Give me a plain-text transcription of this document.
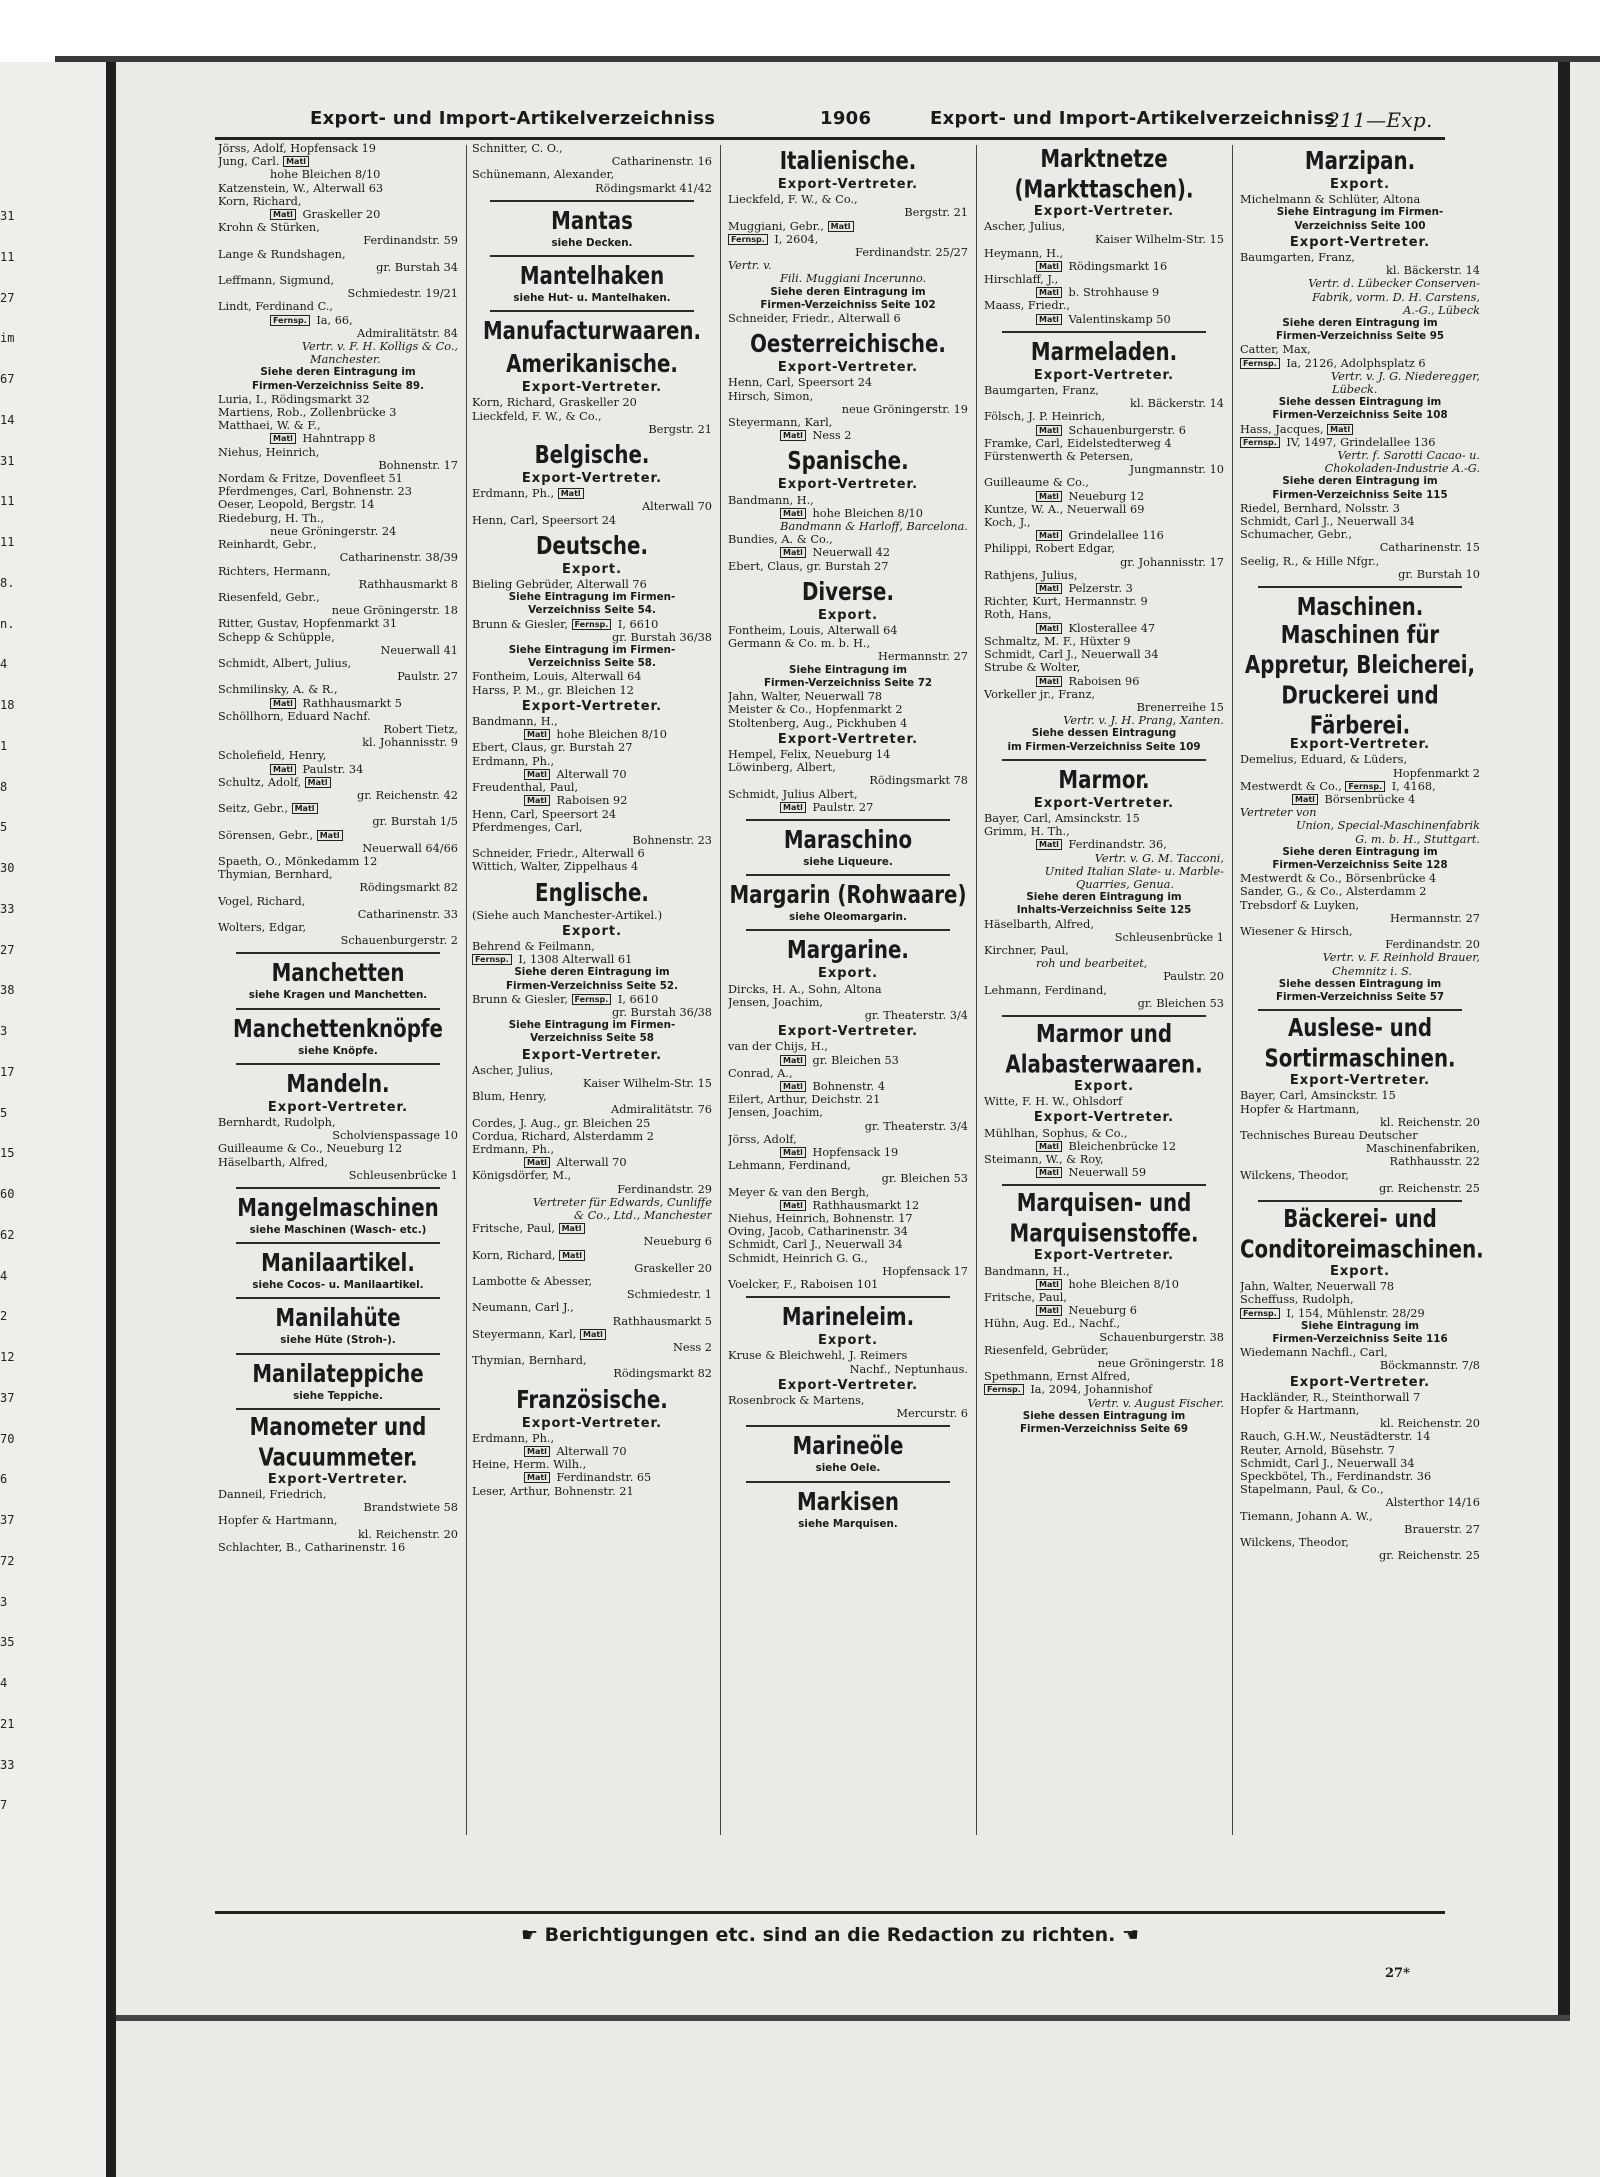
31
11
27
im
67
14
31
11
11
8.
n.
4
18
1
8
5
30
33
27
38
3
17
5
15
60
62
4
2
12
37
70
6
37
72
3
35
4
21
33
7
Export- und Import-Artikelverzeichniss	1906	Export- und Import-Artikelverzeichniss
211—Exp.
Jörss, Adolf, Hopfensack 19
Jung, Carl. Matl
hohe Bleichen 8/10
Katzenstein, W., Alterwall 63
Korn, Richard,
Matl Graskeller 20
Krohn & Stürken,
Ferdinandstr. 59
Lange & Rundshagen,
gr. Burstah 34
Leffmann, Sigmund,
Schmiedestr. 19/21
Lindt, Ferdinand C.,
Fernsp. Ia, 66,
Admiralitätstr. 84
Vertr. v. F. H. Kolligs & Co.,
Manchester.
Siehe deren Eintragung im
Firmen-Verzeichniss Seite 89.
Luria, I., Rödingsmarkt 32
Martiens, Rob., Zollenbrücke 3
Matthaei, W. & F.,
Matl Hahntrapp 8
Niehus, Heinrich,
Bohnenstr. 17
Nordam & Fritze, Dovenfleet 51
Pferdmenges, Carl, Bohnenstr. 23
Oeser, Leopold, Bergstr. 14
Riedeburg, H. Th.,
neue Gröningerstr. 24
Reinhardt, Gebr.,
Catharinenstr. 38/39
Richters, Hermann,
Rathhausmarkt 8
Riesenfeld, Gebr.,
neue Gröningerstr. 18
Ritter, Gustav, Hopfenmarkt 31
Schepp & Schüpple,
Neuerwall 41
Schmidt, Albert, Julius,
Paulstr. 27
Schmilinsky, A. & R.,
Matl Rathhausmarkt 5
Schöllhorn, Eduard Nachf.
Robert Tietz,
kl. Johannisstr. 9
Scholefield, Henry,
Matl Paulstr. 34
Schultz, Adolf, Matl
gr. Reichenstr. 42
Seitz, Gebr., Matl
gr. Burstah 1/5
Sörensen, Gebr., Matl
Neuerwall 64/66
Spaeth, O., Mönkedamm 12
Thymian, Bernhard,
Rödingsmarkt 82
Vogel, Richard,
Catharinenstr. 33
Wolters, Edgar,
Schauenburgerstr. 2
Manchetten
siehe Kragen und Manchetten.
Manchettenknöpfe
siehe Knöpfe.
Mandeln.
Export-Vertreter.
Bernhardt, Rudolph,
Scholvienspassage 10
Guilleaume & Co., Neueburg 12
Häselbarth, Alfred,
Schleusenbrücke 1
Mangelmaschinen
siehe Maschinen (Wasch- etc.)
Manilaartikel.
siehe Cocos- u. Manilaartikel.
Manilahüte
siehe Hüte (Stroh-).
Manilateppiche
siehe Teppiche.
Manometer und Vacuummeter.
Export-Vertreter.
Danneil, Friedrich,
Brandstwiete 58
Hopfer & Hartmann,
kl. Reichenstr. 20
Schlachter, B., Catharinenstr. 16
Schnitter, C. O.,
Catharinenstr. 16
Schünemann, Alexander,
Rödingsmarkt 41/42
Mantas
siehe Decken.
Mantelhaken
siehe Hut- u. Mantelhaken.
Manufacturwaaren.
Amerikanische.
Export-Vertreter.
Korn, Richard, Graskeller 20
Lieckfeld, F. W., & Co.,
Bergstr. 21
Belgische.
Export-Vertreter.
Erdmann, Ph., Matl
Alterwall 70
Henn, Carl, Speersort 24
Deutsche.
Export.
Bieling Gebrüder, Alterwall 76
Siehe Eintragung im Firmen-
Verzeichniss Seite 54.
Brunn & Giesler, Fernsp. I, 6610
gr. Burstah 36/38
Siehe Eintragung im Firmen-
Verzeichniss Seite 58.
Fontheim, Louis, Alterwall 64
Harss, P. M., gr. Bleichen 12
Export-Vertreter.
Bandmann, H.,
Matl hohe Bleichen 8/10
Ebert, Claus, gr. Burstah 27
Erdmann, Ph.,
Matl Alterwall 70
Freudenthal, Paul,
Matl Raboisen 92
Henn, Carl, Speersort 24
Pferdmenges, Carl,
Bohnenstr. 23
Schneider, Friedr., Alterwall 6
Wittich, Walter, Zippelhaus 4
Englische.
(Siehe auch Manchester-Artikel.)
Export.
Behrend & Feilmann,
Fernsp. I, 1308 Alterwall 61
Siehe deren Eintragung im
Firmen-Verzeichniss Seite 52.
Brunn & Giesler, Fernsp. I, 6610
gr. Burstah 36/38
Siehe Eintragung im Firmen-
Verzeichniss Seite 58
Export-Vertreter.
Ascher, Julius,
Kaiser Wilhelm-Str. 15
Blum, Henry,
Admiralitätstr. 76
Cordes, J. Aug., gr. Bleichen 25
Cordua, Richard, Alsterdamm 2
Erdmann, Ph.,
Matl Alterwall 70
Königsdörfer, M.,
Ferdinandstr. 29
Vertreter für Edwards, Cunliffe
& Co., Ltd., Manchester
Fritsche, Paul, Matl
Neueburg 6
Korn, Richard, Matl
Graskeller 20
Lambotte & Abesser,
Schmiedestr. 1
Neumann, Carl J.,
Rathhausmarkt 5
Steyermann, Karl, Matl
Ness 2
Thymian, Bernhard,
Rödingsmarkt 82
Französische.
Export-Vertreter.
Erdmann, Ph.,
Matl Alterwall 70
Heine, Herm. Wilh.,
Matl Ferdinandstr. 65
Leser, Arthur, Bohnenstr. 21
Italienische.
Export-Vertreter.
Lieckfeld, F. W., & Co.,
Bergstr. 21
Muggiani, Gebr., Matl
Fernsp. I, 2604,
Ferdinandstr. 25/27
Vertr. v.
Fili. Muggiani Incerunno.
Siehe deren Eintragung im
Firmen-Verzeichniss Seite 102
Schneider, Friedr., Alterwall 6
Oesterreichische.
Export-Vertreter.
Henn, Carl, Speersort 24
Hirsch, Simon,
neue Gröningerstr. 19
Steyermann, Karl,
Matl Ness 2
Spanische.
Export-Vertreter.
Bandmann, H.,
Matl hohe Bleichen 8/10
Bandmann & Harloff, Barcelona.
Bundies, A. & Co.,
Matl Neuerwall 42
Ebert, Claus, gr. Burstah 27
Diverse.
Export.
Fontheim, Louis, Alterwall 64
Germann & Co. m. b. H.,
Hermannstr. 27
Siehe Eintragung im
Firmen-Verzeichniss Seite 72
Jahn, Walter, Neuerwall 78
Meister & Co., Hopfenmarkt 2
Stoltenberg, Aug., Pickhuben 4
Export-Vertreter.
Hempel, Felix, Neueburg 14
Löwinberg, Albert,
Rödingsmarkt 78
Schmidt, Julius Albert,
Matl Paulstr. 27
Maraschino
siehe Liqueure.
Margarin (Rohwaare)
siehe Oleomargarin.
Margarine.
Export.
Dircks, H. A., Sohn, Altona
Jensen, Joachim,
gr. Theaterstr. 3/4
Export-Vertreter.
van der Chijs, H.,
Matl gr. Bleichen 53
Conrad, A.,
Matl Bohnenstr. 4
Eilert, Arthur, Deichstr. 21
Jensen, Joachim,
gr. Theaterstr. 3/4
Jörss, Adolf,
Matl Hopfensack 19
Lehmann, Ferdinand,
gr. Bleichen 53
Meyer & van den Bergh,
Matl Rathhausmarkt 12
Niehus, Heinrich, Bohnenstr. 17
Oving, Jacob, Catharinenstr. 34
Schmidt, Carl J., Neuerwall 34
Schmidt, Heinrich G. G.,
Hopfensack 17
Voelcker, F., Raboisen 101
Marineleim.
Export.
Kruse & Bleichwehl, J. Reimers
Nachf., Neptunhaus.
Export-Vertreter.
Rosenbrock & Martens,
Mercurstr. 6
Marineöle
siehe Oele.
Markisen
siehe Marquisen.
Marktnetze (Markttaschen).
Export-Vertreter.
Ascher, Julius,
Kaiser Wilhelm-Str. 15
Heymann, H.,
Matl Rödingsmarkt 16
Hirschlaff, J.,
Matl b. Strohhause 9
Maass, Friedr.,
Matl Valentinskamp 50
Marmeladen.
Export-Vertreter.
Baumgarten, Franz,
kl. Bäckerstr. 14
Fölsch, J. P. Heinrich,
Matl Schauenburgerstr. 6
Framke, Carl, Eidelstedterweg 4
Fürstenwerth & Petersen,
Jungmannstr. 10
Guilleaume & Co.,
Matl Neueburg 12
Kuntze, W. A., Neuerwall 69
Koch, J.,
Matl Grindelallee 116
Philippi, Robert Edgar,
gr. Johannisstr. 17
Rathjens, Julius,
Matl Pelzerstr. 3
Richter, Kurt, Hermannstr. 9
Roth, Hans,
Matl Klosterallee 47
Schmaltz, M. F., Hüxter 9
Schmidt, Carl J., Neuerwall 34
Strube & Wolter,
Matl Raboisen 96
Vorkeller jr., Franz,
Brenerreihe 15
Vertr. v. J. H. Prang, Xanten.
Siehe dessen Eintragung
im Firmen-Verzeichniss Seite 109
Marmor.
Export-Vertreter.
Bayer, Carl, Amsinckstr. 15
Grimm, H. Th.,
Matl Ferdinandstr. 36,
Vertr. v. G. M. Tacconi,
United Italian Slate- u. Marble-
Quarries, Genua.
Siehe deren Eintragung im
Inhalts-Verzeichniss Seite 125
Häselbarth, Alfred,
Schleusenbrücke 1
Kirchner, Paul,
roh und bearbeitet,
Paulstr. 20
Lehmann, Ferdinand,
gr. Bleichen 53
Marmor und Alabasterwaaren.
Export.
Witte, F. H. W., Ohlsdorf
Export-Vertreter.
Mühlhan, Sophus, & Co.,
Matl Bleichenbrücke 12
Steimann, W., & Roy,
Matl Neuerwall 59
Marquisen- und Marquisenstoffe.
Export-Vertreter.
Bandmann, H.,
Matl hohe Bleichen 8/10
Fritsche, Paul,
Matl Neueburg 6
Hühn, Aug. Ed., Nachf.,
Schauenburgerstr. 38
Riesenfeld, Gebrüder,
neue Gröningerstr. 18
Spethmann, Ernst Alfred,
Fernsp. Ia, 2094, Johannishof
Vertr. v. August Fischer.
Siehe dessen Eintragung im
Firmen-Verzeichniss Seite 69
Marzipan.
Export.
Michelmann & Schlüter, Altona
Siehe Eintragung im Firmen-
Verzeichniss Seite 100
Export-Vertreter.
Baumgarten, Franz,
kl. Bäckerstr. 14
Vertr. d. Lübecker Conserven-
Fabrik, vorm. D. H. Carstens,
A.-G., Lübeck
Siehe deren Eintragung im
Firmen-Verzeichniss Seite 95
Catter, Max,
Fernsp. Ia, 2126, Adolphsplatz 6
Vertr. v. J. G. Niederegger,
Lübeck.
Siehe dessen Eintragung im
Firmen-Verzeichniss Seite 108
Hass, Jacques, Matl
Fernsp. IV, 1497, Grindelallee 136
Vertr. f. Sarotti Cacao- u.
Chokoladen-Industrie A.-G.
Siehe deren Eintragung im
Firmen-Verzeichniss Seite 115
Riedel, Bernhard, Nolsstr. 3
Schmidt, Carl J., Neuerwall 34
Schumacher, Gebr.,
Catharinenstr. 15
Seelig, R., & Hille Nfgr.,
gr. Burstah 10
Maschinen.
Maschinen für Appretur, Bleicherei, Druckerei und Färberei.
Export-Vertreter.
Demelius, Eduard, & Lüders,
Hopfenmarkt 2
Mestwerdt & Co., Fernsp. I, 4168,
Matl Börsenbrücke 4
Vertreter von
Union, Special-Maschinenfabrik
G. m. b. H., Stuttgart.
Siehe deren Eintragung im
Firmen-Verzeichniss Seite 128
Mestwerdt & Co., Börsenbrücke 4
Sander, G., & Co., Alsterdamm 2
Trebsdorf & Luyken,
Hermannstr. 27
Wiesener & Hirsch,
Ferdinandstr. 20
Vertr. v. F. Reinhold Brauer,
Chemnitz i. S.
Siehe dessen Eintragung im
Firmen-Verzeichniss Seite 57
Auslese- und Sortirmaschinen.
Export-Vertreter.
Bayer, Carl, Amsinckstr. 15
Hopfer & Hartmann,
kl. Reichenstr. 20
Technisches Bureau Deutscher
Maschinenfabriken,
Rathhausstr. 22
Wilckens, Theodor,
gr. Reichenstr. 25
Bäckerei- und Conditoreimaschinen.
Export.
Jahn, Walter, Neuerwall 78
Scheffuss, Rudolph,
Fernsp. I, 154, Mühlenstr. 28/29
Siehe Eintragung im
Firmen-Verzeichniss Seite 116
Wiedemann Nachfl., Carl,
Böckmannstr. 7/8
Export-Vertreter.
Hackländer, R., Steinthorwall 7
Hopfer & Hartmann,
kl. Reichenstr. 20
Rauch, G.H.W., Neustädterstr. 14
Reuter, Arnold, Büsehstr. 7
Schmidt, Carl J., Neuerwall 34
Speckbötel, Th., Ferdinandstr. 36
Stapelmann, Paul, & Co.,
Alsterthor 14/16
Tiemann, Johann A. W.,
Brauerstr. 27
Wilckens, Theodor,
gr. Reichenstr. 25
☛ Berichtigungen etc. sind an die Redaction zu richten. ☚
27*
